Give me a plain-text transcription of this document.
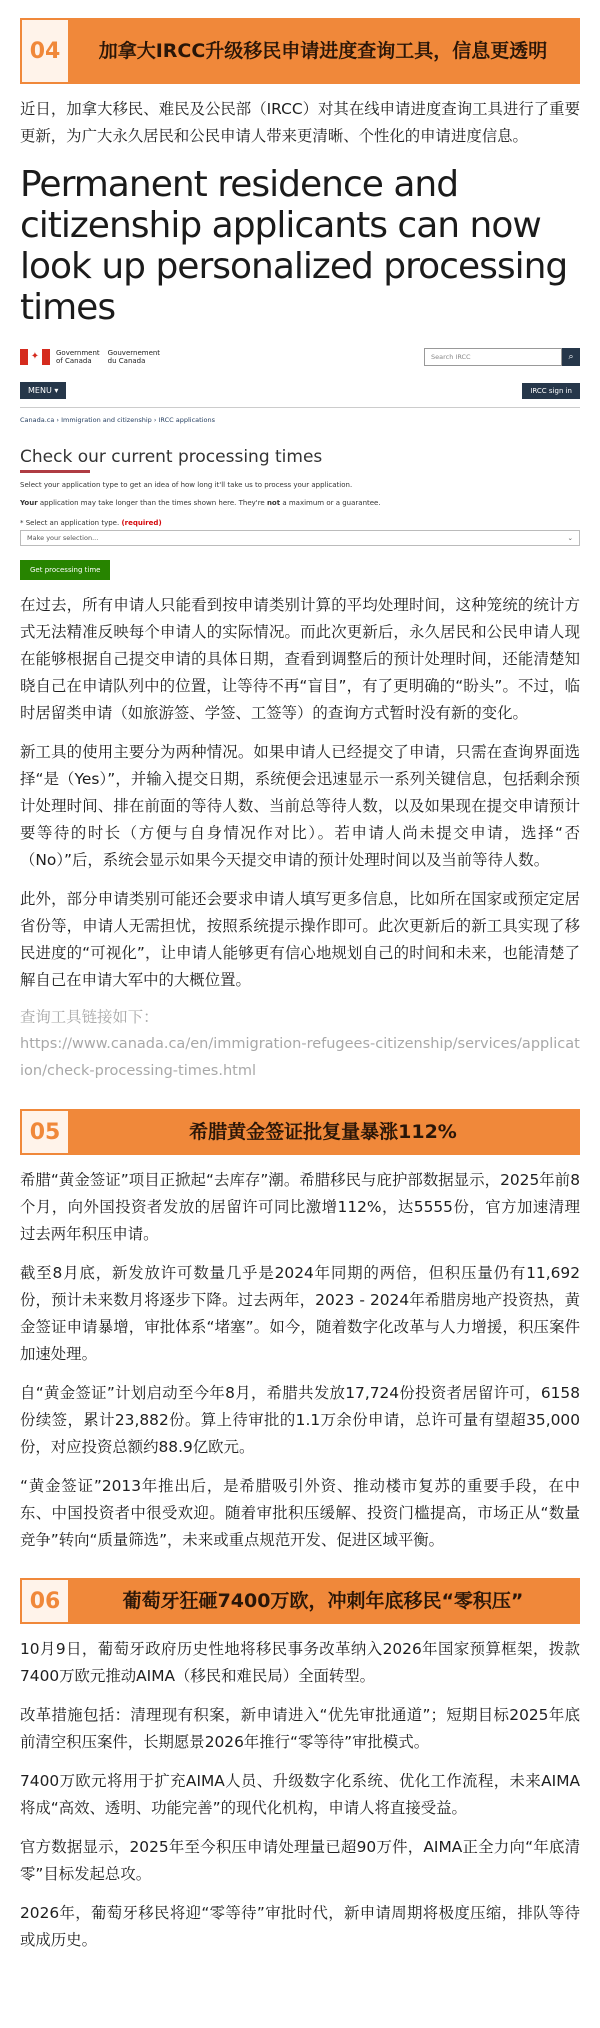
04	加拿大IRCC升级移民申请进度查询工具，信息更透明

近日，加拿大移民、难民及公民部（IRCC）对其在线申请进度查询工具进行了重要更新，为广大永久居民和公民申请人带来更清晰、个性化的申请进度信息。

Permanent residence and citizenship applicants can now look up personalized processing times
✦	Government
of Canada
Gouvernement
du Canada	Search IRCC	⌕
MENU ▾	IRCC sign in
Canada.ca › Immigration and citizenship › IRCC applications
Check our current processing times
Select your application type to get an idea of how long it'll take us to process your application.
Your application may take longer than the times shown here. They're not a maximum or a guarantee.
* Select an application type. (required)
Make your selection...	⌄
Get processing time

在过去，所有申请人只能看到按申请类别计算的平均处理时间，这种笼统的统计方式无法精准反映每个申请人的实际情况。而此次更新后，永久居民和公民申请人现在能够根据自己提交申请的具体日期，查看到调整后的预计处理时间，还能清楚知晓自己在申请队列中的位置，让等待不再“盲目”，有了更明确的“盼头”。不过，临时居留类申请（如旅游签、学签、工签等）的查询方式暂时没有新的变化。

新工具的使用主要分为两种情况。如果申请人已经提交了申请，只需在查询界面选择“是（Yes）”，并输入提交日期，系统便会迅速显示一系列关键信息，包括剩余预计处理时间、排在前面的等待人数、当前总等待人数，以及如果现在提交申请预计要等待的时长（方便与自身情况作对比）。若申请人尚未提交申请，选择“否（No）”后，系统会显示如果今天提交申请的预计处理时间以及当前等待人数。

此外，部分申请类别可能还会要求申请人填写更多信息，比如所在国家或预定定居省份等，申请人无需担忧，按照系统提示操作即可。此次更新后的新工具实现了移民进度的“可视化”，让申请人能够更有信心地规划自己的时间和未来，也能清楚了解自己在申请大军中的大概位置。

查询工具链接如下：
https://www.canada.ca/en/immigration-refugees-citizenship/services/application/check-processing-times.html
05	希腊黄金签证批复量暴涨112%

希腊“黄金签证”项目正掀起“去库存”潮。希腊移民与庇护部数据显示，2025年前8个月，向外国投资者发放的居留许可同比激增112%，达5555份，官方加速清理过去两年积压申请。

截至8月底，新发放许可数量几乎是2024年同期的两倍，但积压量仍有11,692份，预计未来数月将逐步下降。过去两年，2023 - 2024年希腊房地产投资热，黄金签证申请暴增，审批体系“堵塞”。如今，随着数字化改革与人力增援，积压案件加速处理。

自“黄金签证”计划启动至今年8月，希腊共发放17,724份投资者居留许可，6158份续签，累计23,882份。算上待审批的1.1万余份申请，总许可量有望超35,000份，对应投资总额约88.9亿欧元。

“黄金签证”2013年推出后，是希腊吸引外资、推动楼市复苏的重要手段，在中东、中国投资者中很受欢迎。随着审批积压缓解、投资门槛提高，市场正从“数量竞争”转向“质量筛选”，未来或重点规范开发、促进区域平衡。

06	葡萄牙狂砸7400万欧，冲刺年底移民“零积压”

10月9日，葡萄牙政府历史性地将移民事务改革纳入2026年国家预算框架，拨款7400万欧元推动AIMA（移民和难民局）全面转型。

改革措施包括：清理现有积案，新申请进入“优先审批通道”；短期目标2025年底前清空积压案件，长期愿景2026年推行“零等待”审批模式。

7400万欧元将用于扩充AIMA人员、升级数字化系统、优化工作流程，未来AIMA将成“高效、透明、功能完善”的现代化机构，申请人将直接受益。

官方数据显示，2025年至今积压申请处理量已超90万件，AIMA正全力向“年底清零”目标发起总攻。

2026年，葡萄牙移民将迎“零等待”审批时代，新申请周期将极度压缩，排队等待或成历史。
